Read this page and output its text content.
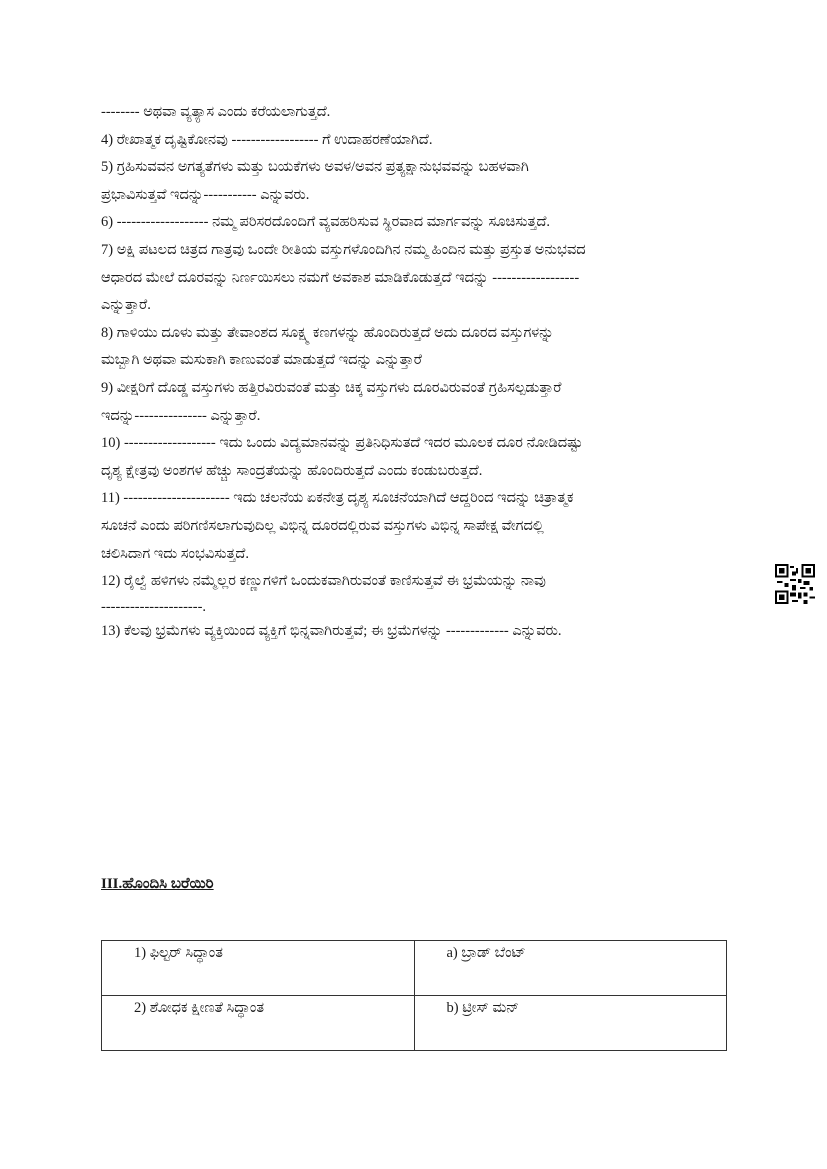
-------- ಅಥವಾ ವ್ಯತ್ಯಾಸ ಎಂದು ಕರೆಯಲಾಗುತ್ತದೆ.
4) ರೇಖಾತ್ಮಕ ದೃಷ್ಟಿಕೋನವು ------------------ ಗೆ ಉದಾಹರಣೆಯಾಗಿದೆ.
5) ಗ್ರಹಿಸುವವನ ಅಗತ್ಯತೆಗಳು ಮತ್ತು ಬಯಕೆಗಳು ಅವಳ/ಅವನ ಪ್ರತ್ಯಕ್ಷಾನುಭವವನ್ನು ಬಹಳವಾಗಿ
ಪ್ರಭಾವಿಸುತ್ತವೆ ಇದನ್ನು----------- ಎನ್ನುವರು.
6) ------------------- ನಮ್ಮ ಪರಿಸರದೊಂದಿಗೆ ವ್ಯವಹರಿಸುವ ಸ್ಥಿರವಾದ ಮಾರ್ಗವನ್ನು ಸೂಚಿಸುತ್ತದೆ.
7) ಅಕ್ಷಿ ಪಟಲದ ಚಿತ್ರದ ಗಾತ್ರವು ಒಂದೇ ರೀತಿಯ ವಸ್ತುಗಳೊಂದಿಗಿನ ನಮ್ಮ ಹಿಂದಿನ ಮತ್ತು ಪ್ರಸ್ತುತ ಅನುಭವದ
ಆಧಾರದ ಮೇಲೆ ದೂರವನ್ನು ನಿರ್ಣಯಿಸಲು ನಮಗೆ ಅವಕಾಶ ಮಾಡಿಕೊಡುತ್ತದೆ ಇದನ್ನು ------------------
ಎನ್ನುತ್ತಾರೆ.
8) ಗಾಳಿಯು ದೂಳು ಮತ್ತು ತೇವಾಂಶದ ಸೂಕ್ಷ್ಮ ಕಣಗಳನ್ನು ಹೊಂದಿರುತ್ತದೆ ಅದು ದೂರದ ವಸ್ತುಗಳನ್ನು
ಮಬ್ಬಾಗಿ ಅಥವಾ ಮಸುಕಾಗಿ ಕಾಣುವಂತೆ ಮಾಡುತ್ತದೆ ಇದನ್ನು ಎನ್ನುತ್ತಾರೆ
9) ವೀಕ್ಷರಿಗೆ ದೊಡ್ಡ ವಸ್ತುಗಳು ಹತ್ತಿರವಿರುವಂತೆ ಮತ್ತು ಚಿಕ್ಕ ವಸ್ತುಗಳು ದೂರವಿರುವಂತೆ ಗ್ರಹಿಸಲ್ಪಡುತ್ತಾರೆ
ಇದನ್ನು--------------- ಎನ್ನುತ್ತಾರೆ.
10) ------------------- ಇದು ಒಂದು ವಿದ್ಯಮಾನವನ್ನು ಪ್ರತಿನಿಧಿಸುತದೆ ಇದರ ಮೂಲಕ ದೂರ ನೋಡಿದಷ್ಟು
ದೃಶ್ಯ ಕ್ಷೇತ್ರವು ಅಂಶಗಳ ಹೆಚ್ಚು ಸಾಂದ್ರತೆಯನ್ನು ಹೊಂದಿರುತ್ತದೆ ಎಂದು ಕಂಡುಬರುತ್ತದೆ.
11) ---------------------- ಇದು ಚಲನೆಯ ಏಕನೇತ್ರ ದೃಶ್ಯ ಸೂಚನೆಯಾಗಿದೆ ಆದ್ದರಿಂದ ಇದನ್ನು ಚಿತ್ರಾತ್ಮಕ
ಸೂಚನೆ ಎಂದು ಪರಿಗಣಿಸಲಾಗುವುದಿಲ್ಲ ವಿಭಿನ್ನ ದೂರದಲ್ಲಿರುವ ವಸ್ತುಗಳು ವಿಭಿನ್ನ ಸಾಪೇಕ್ಷ ವೇಗದಲ್ಲಿ
ಚಲಿಸಿದಾಗ ಇದು ಸಂಭವಿಸುತ್ತದೆ.
12) ರೈಲ್ವೆ ಹಳಿಗಳು ನಮ್ಮೆಲ್ಲರ ಕಣ್ಣುಗಳಿಗೆ ಒಂದುಕವಾಗಿರುವಂತೆ ಕಾಣಿಸುತ್ತವೆ ಈ ಭ್ರಮೆಯನ್ನು ನಾವು
---------------------.
13) ಕೆಲವು ಭ್ರಮೆಗಳು ವ್ಯಕ್ತಿಯಿಂದ ವ್ಯಕ್ತಿಗೆ ಭಿನ್ನವಾಗಿರುತ್ತವೆ; ಈ ಭ್ರಮೆಗಳನ್ನು ------------- ಎನ್ನುವರು.
III.ಹೊಂದಿಸಿ ಬರೆಯಿರಿ
1) ಫಿಲ್ಟರ್ ಸಿದ್ಧಾಂತ	a) ಬ್ರಾಡ್ ಬೆಂಟ್
2) ಶೋಧಕ ಕ್ಷೀಣತೆ ಸಿದ್ಧಾಂತ	b) ಟ್ರೀಸ್ ಮನ್
